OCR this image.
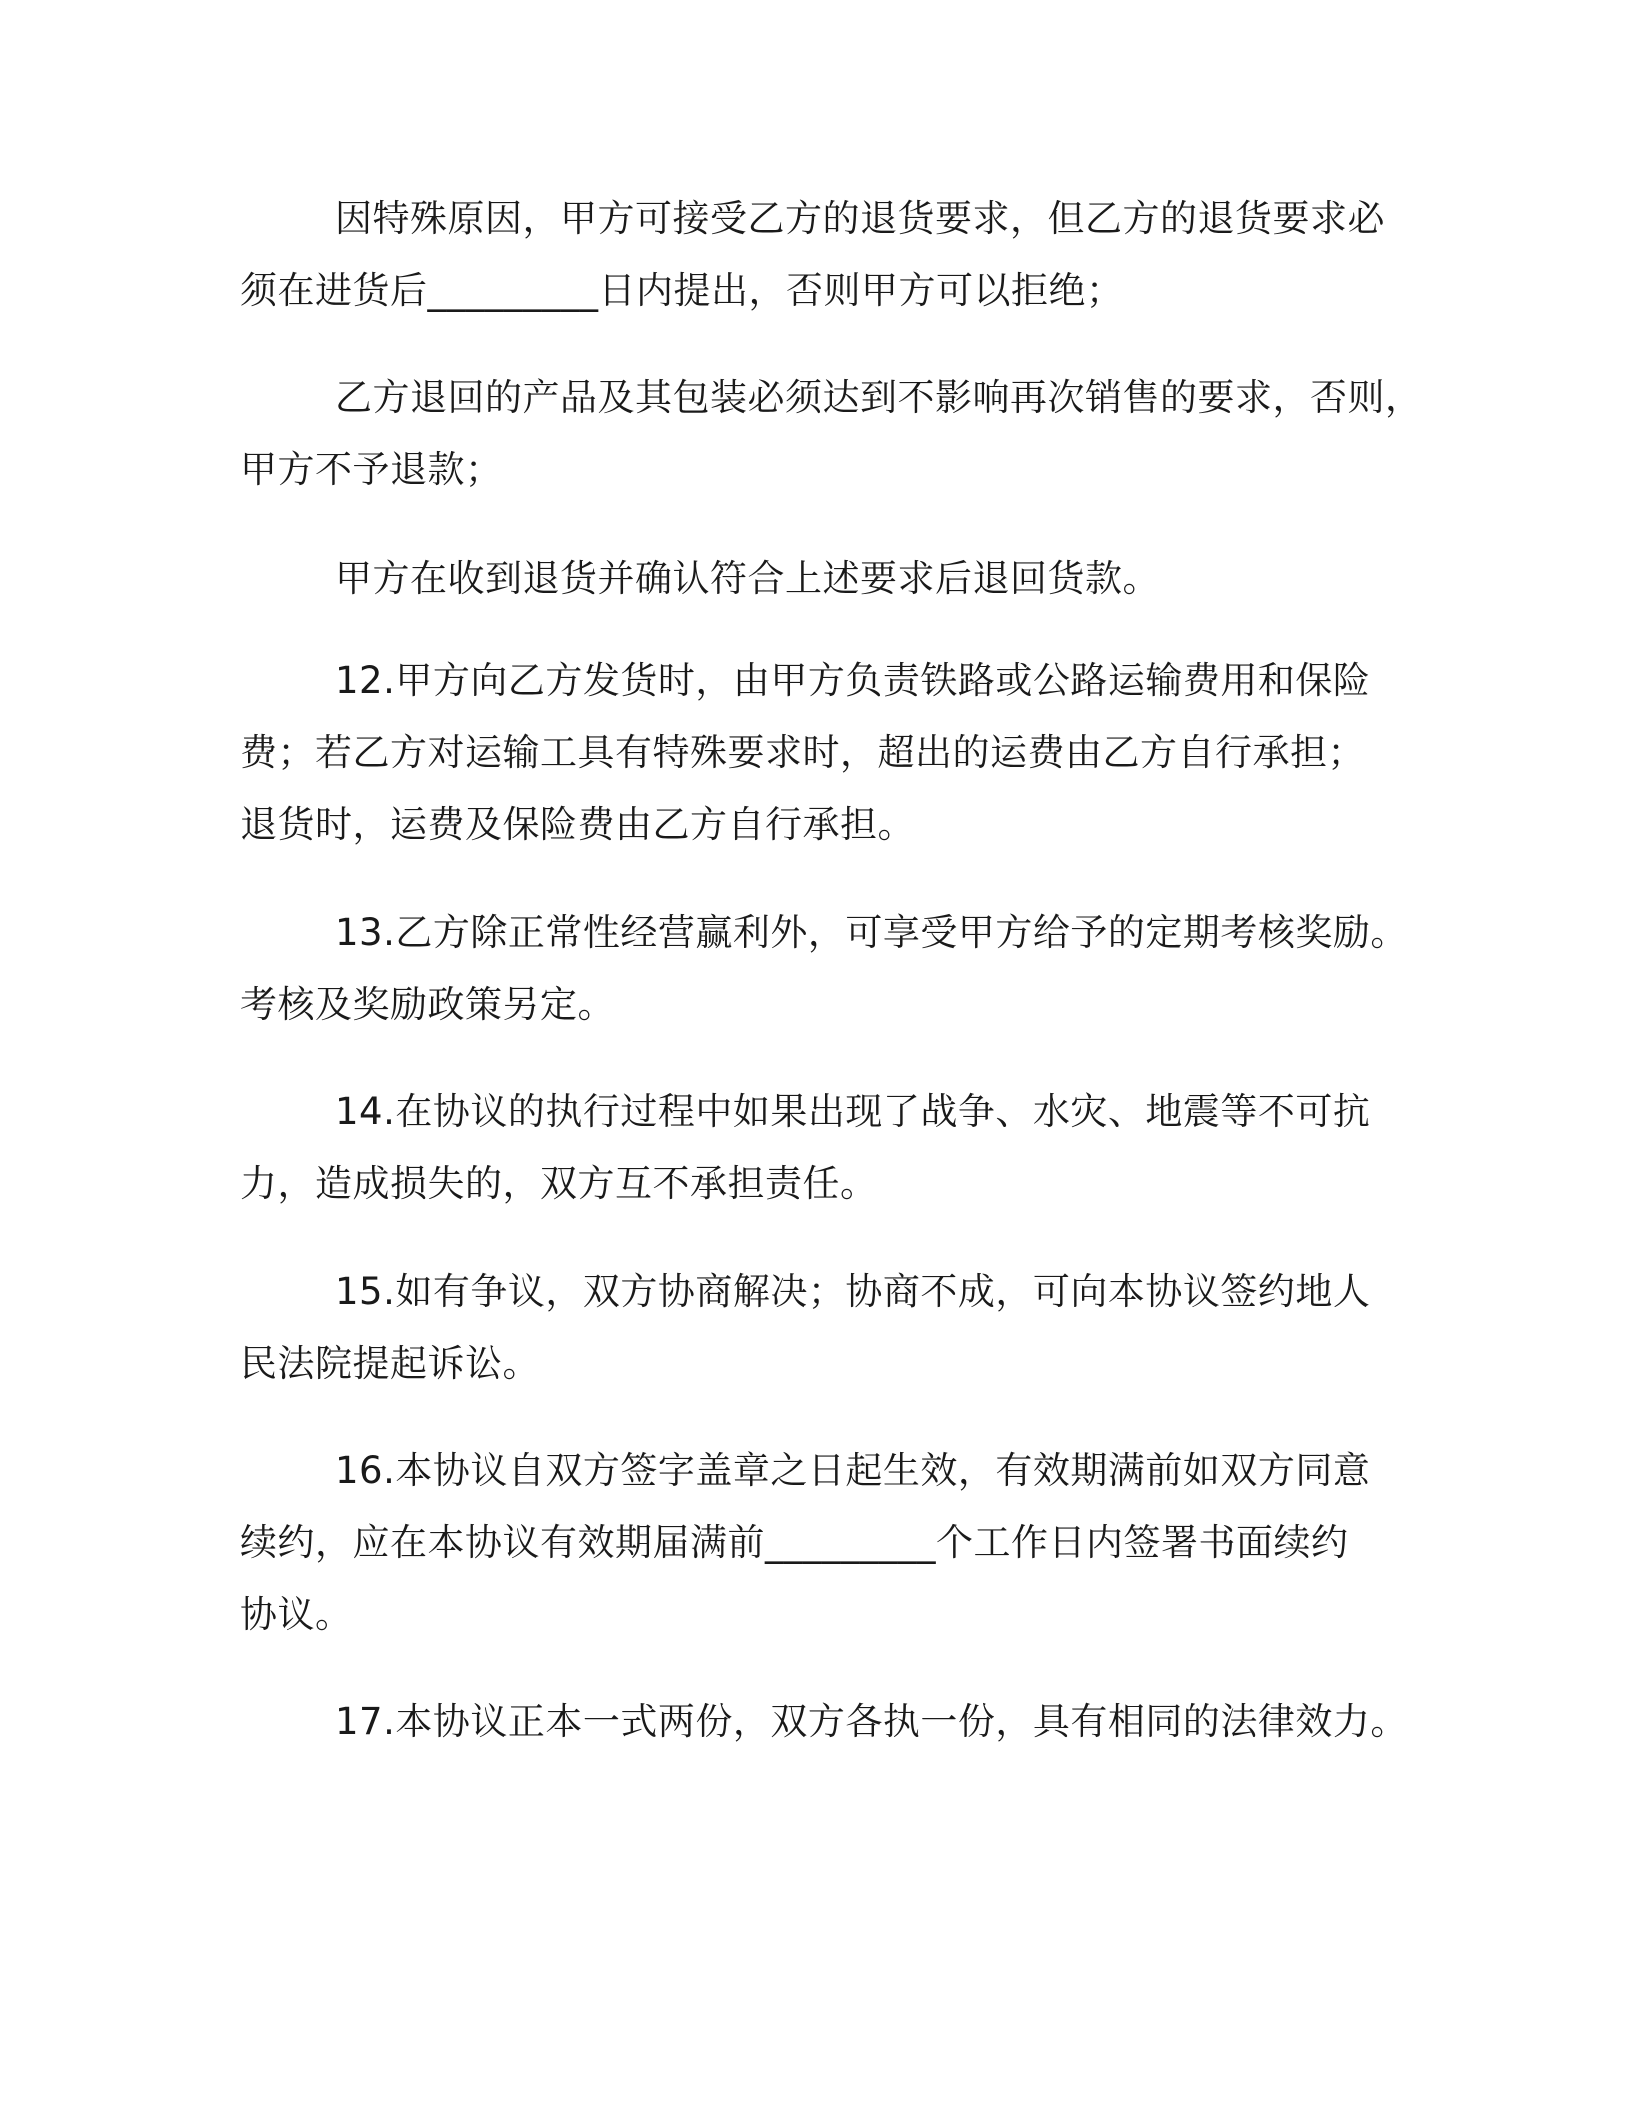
因特殊原因，甲方可接受乙方的退货要求，但乙方的退货要求必
须在进货后_________日内提出，否则甲方可以拒绝；
乙方退回的产品及其包装必须达到不影响再次销售的要求，否则，
甲方不予退款；
甲方在收到退货并确认符合上述要求后退回货款。
12.甲方向乙方发货时，由甲方负责铁路或公路运输费用和保险
费；若乙方对运输工具有特殊要求时，超出的运费由乙方自行承担；
退货时，运费及保险费由乙方自行承担。
13.乙方除正常性经营赢利外，可享受甲方给予的定期考核奖励。
考核及奖励政策另定。
14.在协议的执行过程中如果出现了战争、水灾、地震等不可抗
力，造成损失的，双方互不承担责任。
15.如有争议，双方协商解决；协商不成，可向本协议签约地人
民法院提起诉讼。
16.本协议自双方签字盖章之日起生效，有效期满前如双方同意
续约，应在本协议有效期届满前_________个工作日内签署书面续约
协议。
17.本协议正本一式两份，双方各执一份，具有相同的法律效力。
